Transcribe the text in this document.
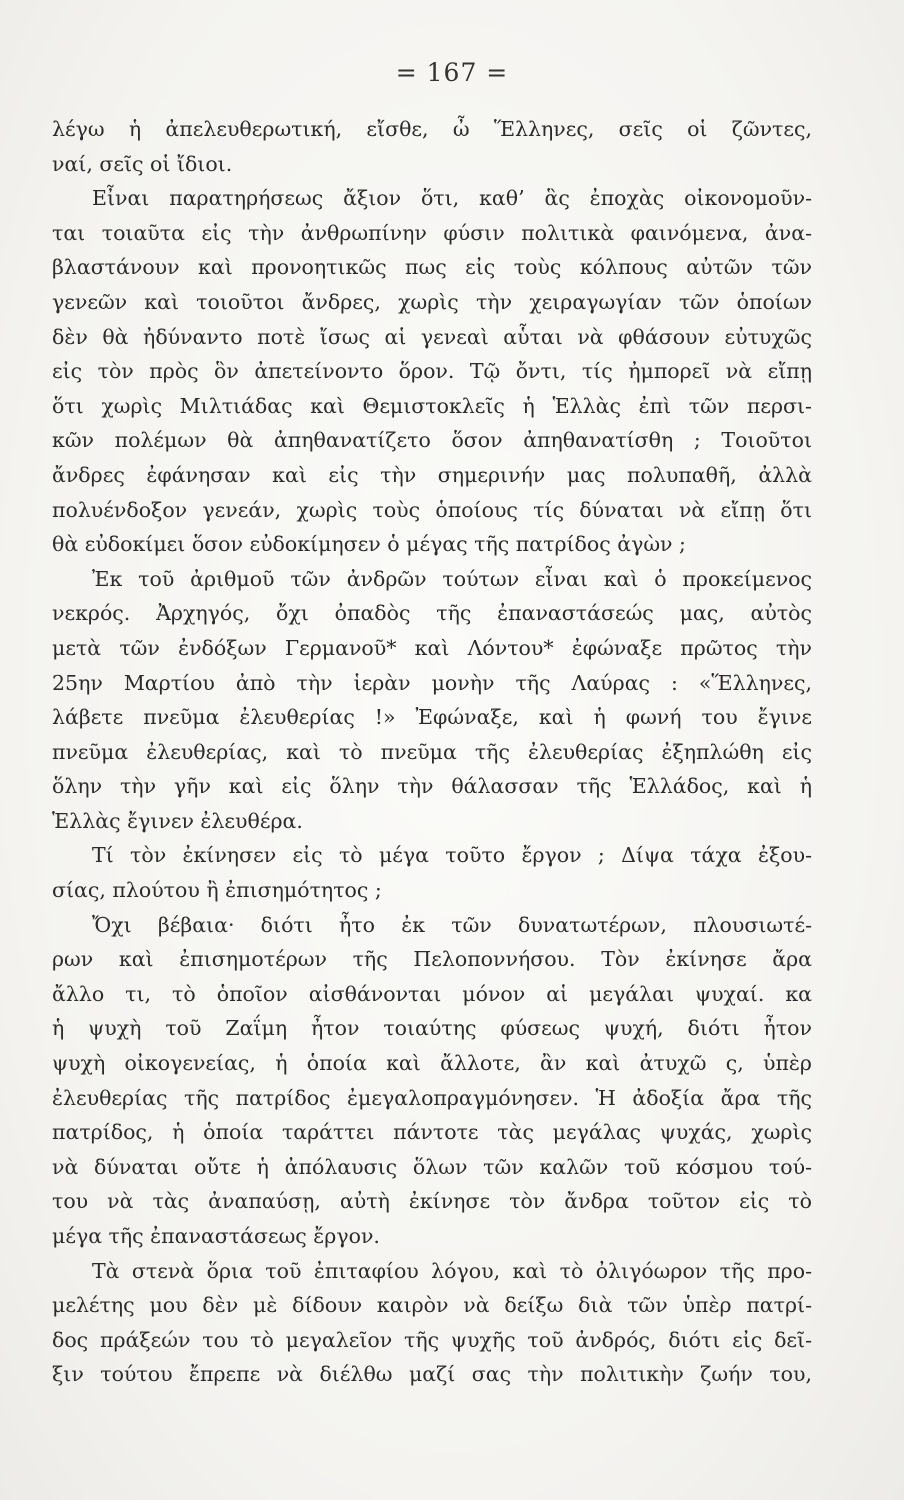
= 167 =
λέγω ἡ ἀπελευθερωτική, εἴσθε, ὦ Ἕλληνες, σεῖς οἱ ζῶντες,
ναί, σεῖς οἱ ἴδιοι.
Εἶναι παρατηρήσεως ἄξιον ὅτι, καθ’ ἃς ἐποχὰς οἰκονομοῦν-
ται τοιαῦτα εἰς τὴν ἀνθρωπίνην φύσιν πολιτικὰ φαινόμενα, ἀνα-
βλαστάνουν καὶ προνοητικῶς πως εἰς τοὺς κόλπους αὐτῶν τῶν
γενεῶν καὶ τοιοῦτοι ἄνδρες, χωρὶς τὴν χειραγωγίαν τῶν ὁποίων
δὲν θὰ ἠδύναντο ποτὲ ἴσως αἱ γενεαὶ αὗται νὰ φθάσουν εὐτυχῶς
εἰς τὸν πρὸς ὃν ἀπετείνοντο ὅρον. Τῷ ὄντι, τίς ἠμπορεῖ νὰ εἴπῃ
ὅτι χωρὶς Μιλτιάδας καὶ Θεμιστοκλεῖς ἡ Ἑλλὰς ἐπὶ τῶν περσι-
κῶν πολέμων θὰ ἀπηθανατίζετο ὅσον ἀπηθανατίσθη ; Τοιοῦτοι
ἄνδρες ἐφάνησαν καὶ εἰς τὴν σημερινήν μας πολυπαθῆ, ἀλλὰ
πολυένδοξον γενεάν, χωρὶς τοὺς ὁποίους τίς δύναται νὰ εἴπῃ ὅτι
θὰ εὐδοκίμει ὅσον εὐδοκίμησεν ὁ μέγας τῆς πατρίδος ἀγὼν ;
Ἐκ τοῦ ἀριθμοῦ τῶν ἀνδρῶν τούτων εἶναι καὶ ὁ προκείμενος
νεκρός. Ἀρχηγός, ὄχι ὀπαδὸς τῆς ἐπαναστάσεώς μας, αὐτὸς
μετὰ τῶν ἐνδόξων Γερμανοῦ* καὶ Λόντου* ἐφώναξε πρῶτος τὴν
25ην Μαρτίου ἀπὸ τὴν ἱερὰν μονὴν τῆς Λαύρας : «Ἕλληνες,
λάβετε πνεῦμα ἐλευθερίας !» Ἐφώναξε, καὶ ἡ φωνή του ἔγινε
πνεῦμα ἐλευθερίας, καὶ τὸ πνεῦμα τῆς ἐλευθερίας ἐξηπλώθη εἰς
ὅλην τὴν γῆν καὶ εἰς ὅλην τὴν θάλασσαν τῆς Ἑλλάδος, καὶ ἡ
Ἑλλὰς ἔγινεν ἐλευθέρα.
Τί τὸν ἐκίνησεν εἰς τὸ μέγα τοῦτο ἔργον ; Δίψα τάχα ἐξου-
σίας, πλούτου ἢ ἐπισημότητος ;
Ὄχι βέβαια· διότι ἦτο ἐκ τῶν δυνατωτέρων, πλουσιωτέ-
ρων καὶ ἐπισημοτέρων τῆς Πελοποννήσου. Τὸν ἐκίνησε ἄρα
ἄλλο τι, τὸ ὁποῖον αἰσθάνονται μόνον αἱ μεγάλαι ψυχαί. κα
ἡ ψυχὴ τοῦ Ζαΐμη ἦτον τοιαύτης φύσεως ψυχή, διότι ἦτον
ψυχὴ οἰκογενείας, ἡ ὁποία καὶ ἄλλοτε, ἂν καὶ ἀτυχῶ ς, ὑπὲρ
ἐλευθερίας τῆς πατρίδος ἐμεγαλοπραγμόνησεν. Ἡ ἀδοξία ἄρα τῆς
πατρίδος, ἡ ὁποία ταράττει πάντοτε τὰς μεγάλας ψυχάς, χωρὶς
νὰ δύναται οὔτε ἡ ἀπόλαυσις ὅλων τῶν καλῶν τοῦ κόσμου τού-
του νὰ τὰς ἀναπαύσῃ, αὐτὴ ἐκίνησε τὸν ἄνδρα τοῦτον εἰς τὸ
μέγα τῆς ἐπαναστάσεως ἔργον.
Τὰ στενὰ ὅρια τοῦ ἐπιταφίου λόγου, καὶ τὸ ὀλιγόωρον τῆς προ-
μελέτης μου δὲν μὲ δίδουν καιρὸν νὰ δείξω διὰ τῶν ὑπὲρ πατρί-
δος πράξεών του τὸ μεγαλεῖον τῆς ψυχῆς τοῦ ἀνδρός, διότι εἰς δεῖ-
ξιν τούτου ἔπρεπε νὰ διέλθω μαζί σας τὴν πολιτικὴν ζωήν του,
